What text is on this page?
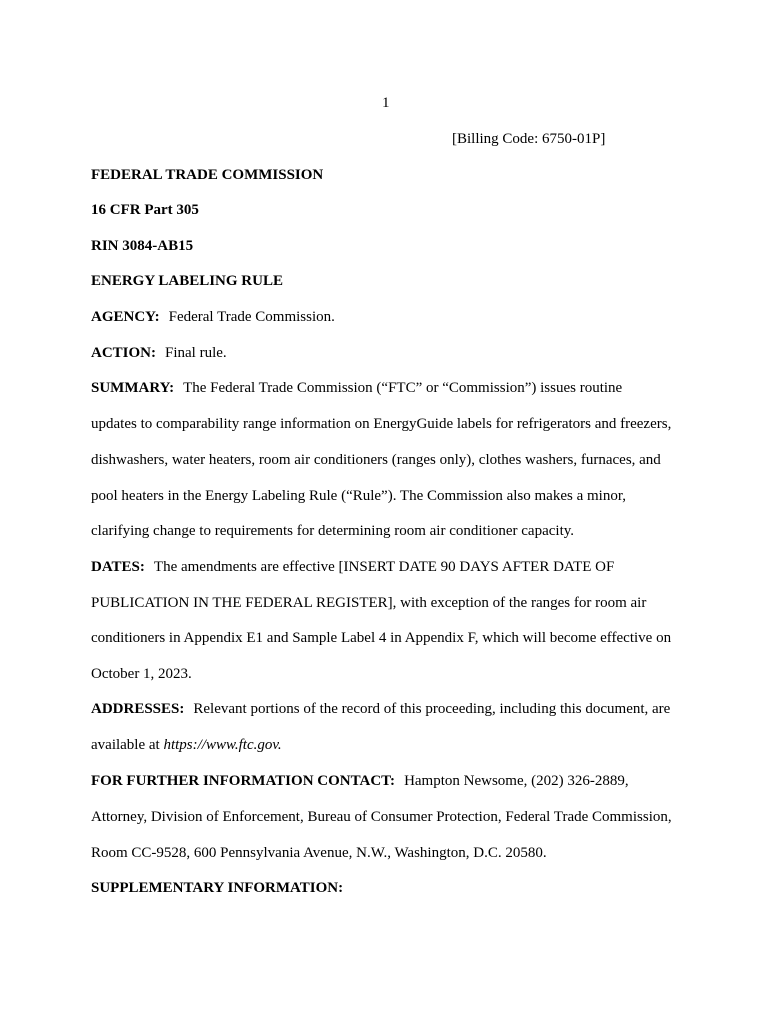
1
[Billing Code: 6750-01P]
FEDERAL TRADE COMMISSION
16 CFR Part 305
RIN 3084-AB15
ENERGY LABELING RULE
AGENCY: Federal Trade Commission.
ACTION: Final rule.
SUMMARY: The Federal Trade Commission (“FTC” or “Commission”) issues routine
updates to comparability range information on EnergyGuide labels for refrigerators and freezers,
dishwashers, water heaters, room air conditioners (ranges only), clothes washers, furnaces, and
pool heaters in the Energy Labeling Rule (“Rule”). The Commission also makes a minor,
clarifying change to requirements for determining room air conditioner capacity.
DATES: The amendments are effective [INSERT DATE 90 DAYS AFTER DATE OF
PUBLICATION IN THE FEDERAL REGISTER], with exception of the ranges for room air
conditioners in Appendix E1 and Sample Label 4 in Appendix F, which will become effective on
October 1, 2023.
ADDRESSES: Relevant portions of the record of this proceeding, including this document, are
available at https://www.ftc.gov.
FOR FURTHER INFORMATION CONTACT: Hampton Newsome, (202) 326-2889,
Attorney, Division of Enforcement, Bureau of Consumer Protection, Federal Trade Commission,
Room CC-9528, 600 Pennsylvania Avenue, N.W., Washington, D.C. 20580.
SUPPLEMENTARY INFORMATION:
